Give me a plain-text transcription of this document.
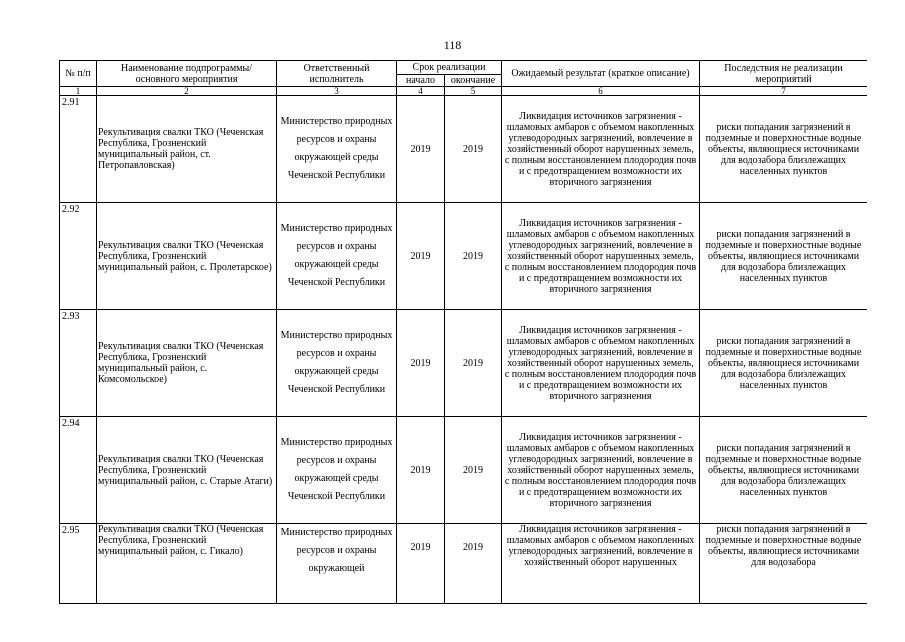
118
№ п/п	Наименование подпрограммы/ основного мероприятия	Ответственный исполнитель	Срок реализации		Ожидаемый результат (краткое описание)	Последствия не реализации мероприятий
			начало	окончание		
1	2	3	4	5	6	7
2.91	Рекультивация свалки ТКО (Чеченская Республика, Грозненский муниципальный район, ст. Петропавловская)	Министерство природных ресурсов и охраны окружающей среды Чеченской Республики	2019	2019	Ликвидация источников загрязнения - шламовых амбаров с объемом накопленных углеводородных загрязнений, вовлечение в хозяйственный оборот нарушенных земель, с полным восстановлением плодородия почв и с предотвращением возможности их вторичного загрязнения	риски попадания загрязнений в подземные и поверхностные водные объекты, являющиеся источниками для водозабора близлежащих населенных пунктов
2.92	Рекультивация свалки ТКО (Чеченская Республика, Грозненский муниципальный район, с. Пролетарское)	Министерство природных ресурсов и охраны окружающей среды Чеченской Республики	2019	2019	Ликвидация источников загрязнения - шламовых амбаров с объемом накопленных углеводородных загрязнений, вовлечение в хозяйственный оборот нарушенных земель, с полным восстановлением плодородия почв и с предотвращением возможности их вторичного загрязнения	риски попадания загрязнений в подземные и поверхностные водные объекты, являющиеся источниками для водозабора близлежащих населенных пунктов
2.93	Рекультивация свалки ТКО (Чеченская Республика, Грозненский муниципальный район, с. Комсомольское)	Министерство природных ресурсов и охраны окружающей среды Чеченской Республики	2019	2019	Ликвидация источников загрязнения - шламовых амбаров с объемом накопленных углеводородных загрязнений, вовлечение в хозяйственный оборот нарушенных земель, с полным восстановлением плодородия почв и с предотвращением возможности их вторичного загрязнения	риски попадания загрязнений в подземные и поверхностные водные объекты, являющиеся источниками для водозабора близлежащих населенных пунктов
2.94	Рекультивация свалки ТКО (Чеченская Республика, Грозненский муниципальный район, с. Старые Атаги)	Министерство природных ресурсов и охраны окружающей среды Чеченской Республики	2019	2019	Ликвидация источников загрязнения - шламовых амбаров с объемом накопленных углеводородных загрязнений, вовлечение в хозяйственный оборот нарушенных земель, с полным восстановлением плодородия почв и с предотвращением возможности их вторичного загрязнения	риски попадания загрязнений в подземные и поверхностные водные объекты, являющиеся источниками для водозабора близлежащих населенных пунктов
2.95	Рекультивация свалки ТКО (Чеченская Республика, Грозненский муниципальный район, с. Гикало)	Министерство природных ресурсов и охраны окружающей	2019	2019	Ликвидация источников загрязнения - шламовых амбаров с объемом накопленных углеводородных загрязнений, вовлечение в хозяйственный оборот нарушенных	риски попадания загрязнений в подземные и поверхностные водные объекты, являющиеся источниками для водозабора
